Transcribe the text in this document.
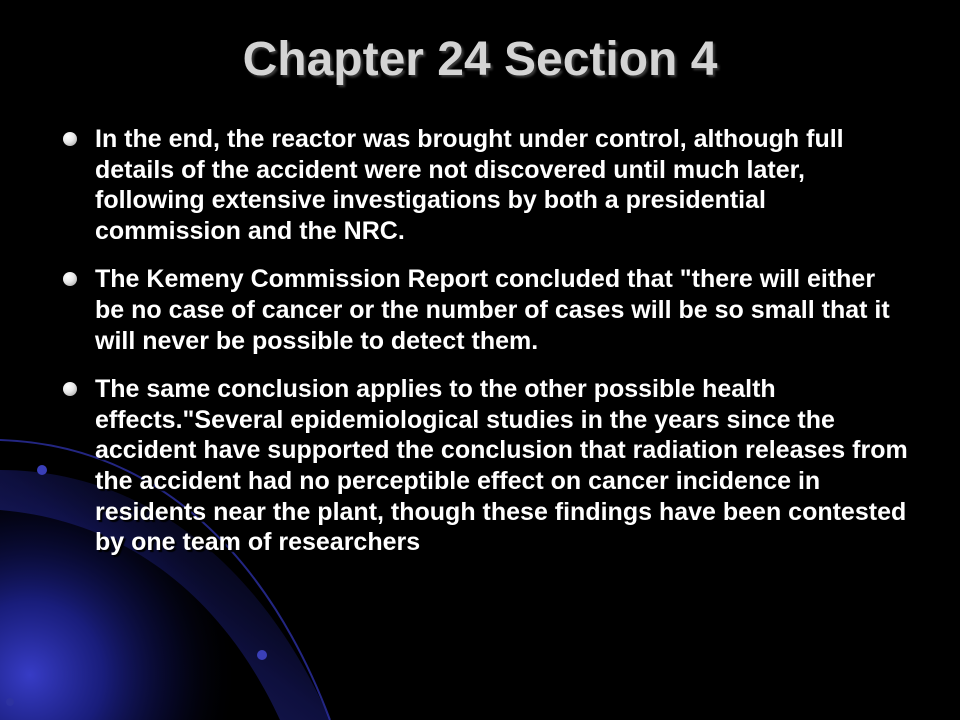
Chapter 24 Section 4
In the end, the reactor was brought under control, although full details of the accident were not discovered until much later, following extensive investigations by both a presidential commission and the NRC.
The Kemeny Commission Report concluded that "there will either be no case of cancer or the number of cases will be so small that it will never be possible to detect them.
The same conclusion applies to the other possible health effects."Several epidemiological studies in the years since the accident have supported the conclusion that radiation releases from the accident had no perceptible effect on cancer incidence in residents near the plant, though these findings have been contested by one team of researchers
